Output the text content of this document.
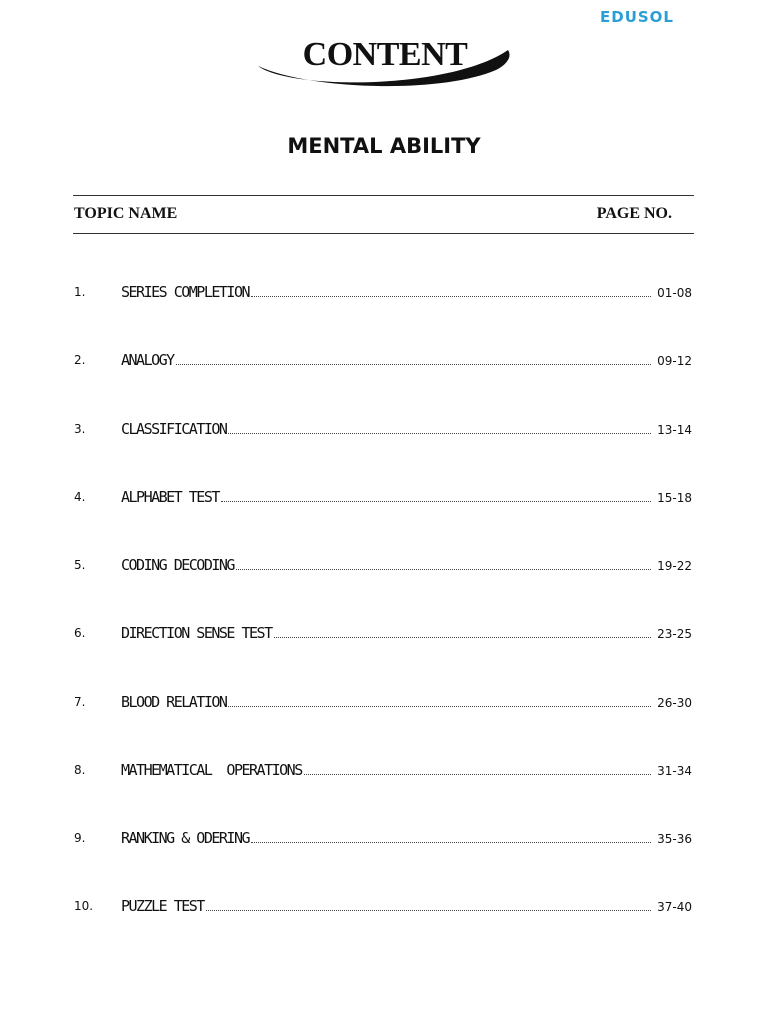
EDUSOL
CONTENT
MENTAL ABILITY
TOPIC NAME	PAGE NO.
1. SERIES COMPLETION	01-08
2. ANALOGY	09-12
3. CLASSIFICATION	13-14
4. ALPHABET TEST	15-18
5. CODING DECODING	19-22
6. DIRECTION SENSE TEST	23-25
7. BLOOD RELATION	26-30
8. MATHEMATICAL  OPERATIONS	31-34
9. RANKING & ODERING	35-36
10. PUZZLE TEST	37-40
